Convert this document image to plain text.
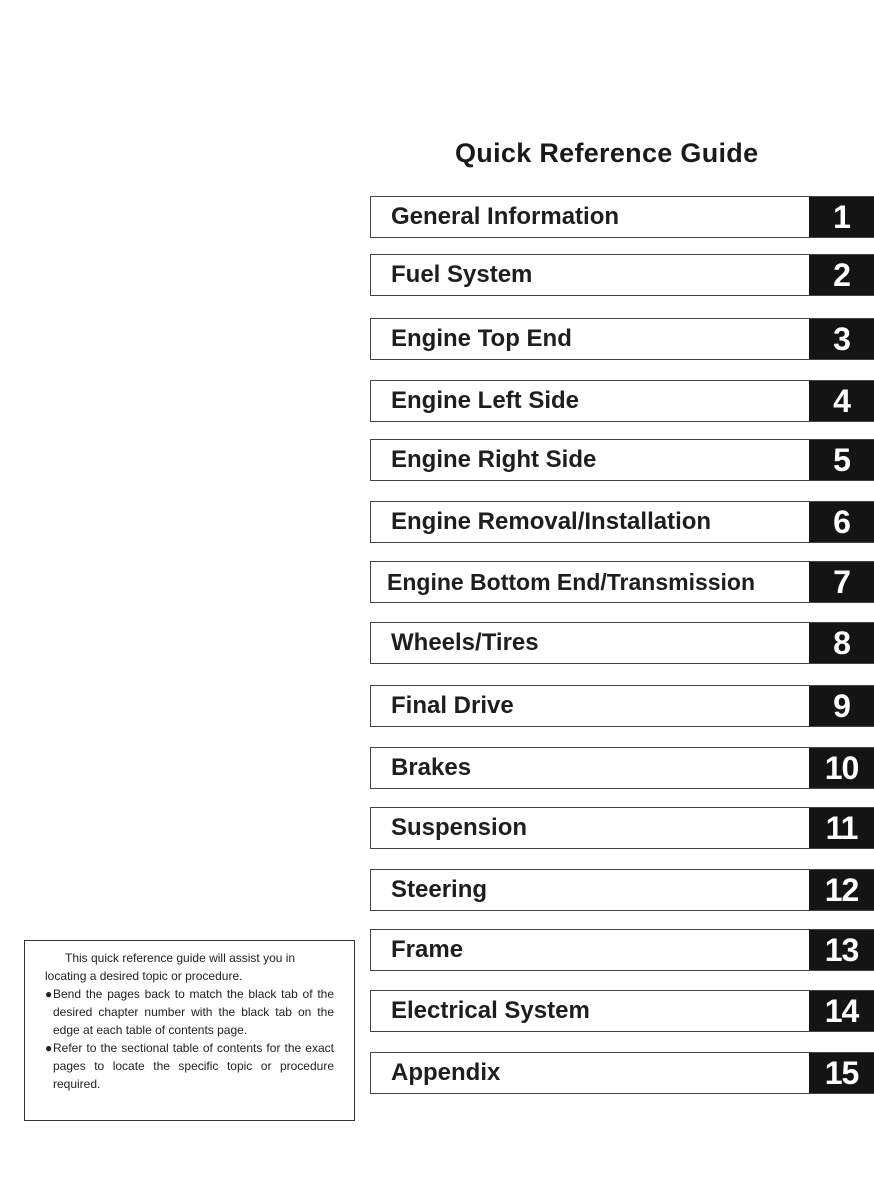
Quick Reference Guide
General Information	1
Fuel System	2
Engine Top End	3
Engine Left Side	4
Engine Right Side	5
Engine Removal/Installation	6
Engine Bottom End/Transmission	7
Wheels/Tires	8
Final Drive	9
Brakes	10
Suspension	11
Steering	12
Frame	13
Electrical System	14
Appendix	15

This quick reference guide will assist you in locating a desired topic or procedure.

● Bend the pages back to match the black tab of the desired chapter number with the black tab on the edge at each table of contents page.
● Refer to the sectional table of contents for the exact pages to locate the specific topic or procedure required.
